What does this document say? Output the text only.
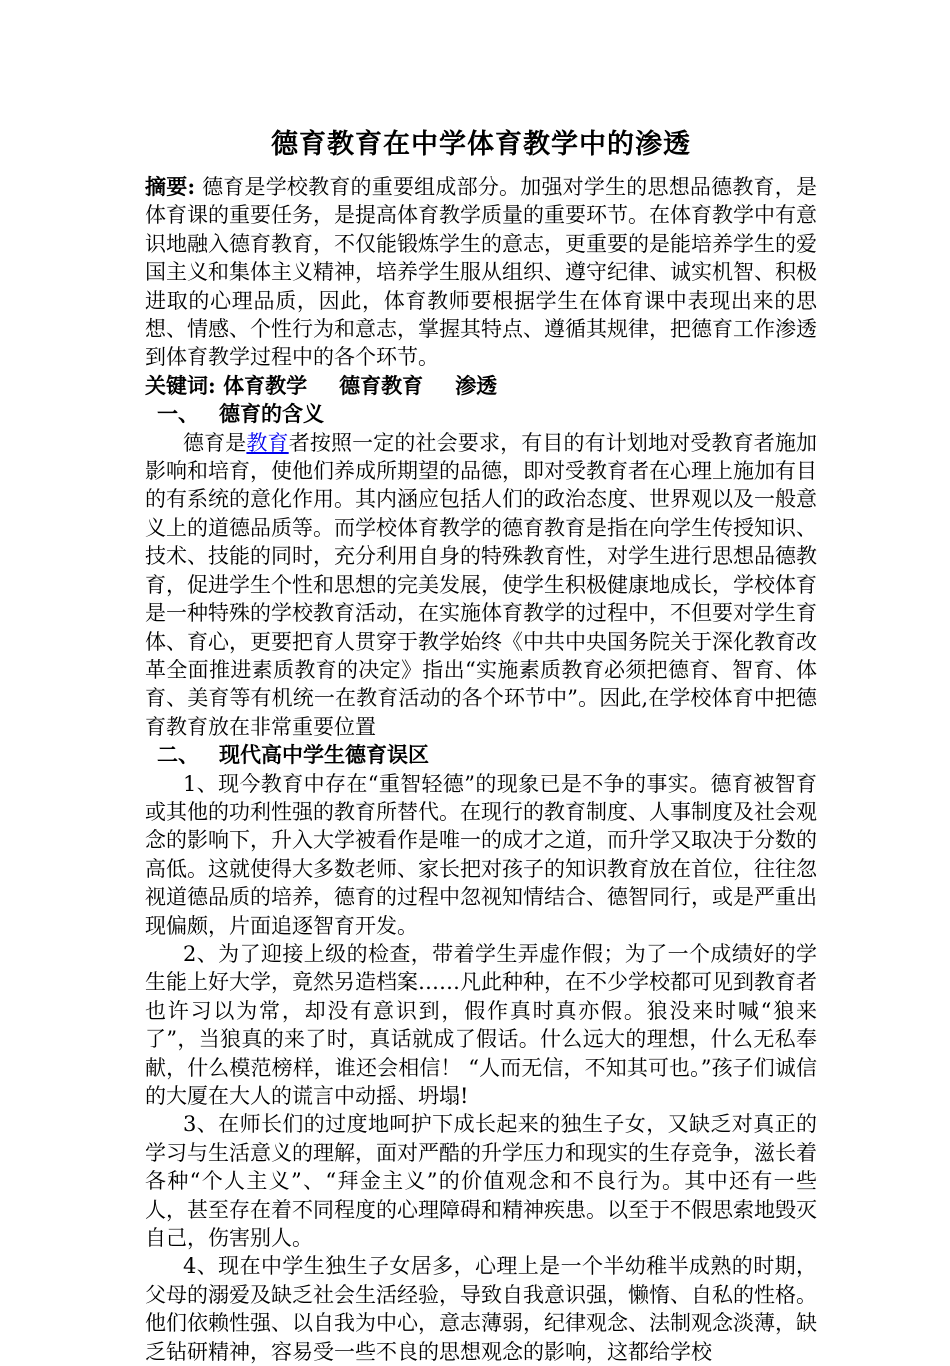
德育教育在中学体育教学中的渗透

摘要: 德育是学校教育的重要组成部分。加强对学生的思想品德教育，是体育课的重要任务，是提高体育教学质量的重要环节。在体育教学中有意识地融入德育教育，不仅能锻炼学生的意志，更重要的是能培养学生的爱国主义和集体主义精神，培养学生服从组织、遵守纪律、诚实机智、积极进取的心理品质，因此，体育教师要根据学生在体育课中表现出来的思想、情感、个性行为和意志，掌握其特点、遵循其规律，把德育工作渗透到体育教学过程中的各个环节。

关键词: 体育教学 德育教育 渗透

一、 德育的含义

德育是教育者按照一定的社会要求，有目的有计划地对受教育者施加影响和培育，使他们养成所期望的品德，即对受教育者在心理上施加有目的有系统的意化作用。其内涵应包括人们的政治态度、世界观以及一般意义上的道德品质等。而学校体育教学的德育教育是指在向学生传授知识、技术、技能的同时，充分利用自身的特殊教育性，对学生进行思想品德教育，促进学生个性和思想的完美发展，使学生积极健康地成长，学校体育是一种特殊的学校教育活动，在实施体育教学的过程中，不但要对学生育体、育心，更要把育人贯穿于教学始终《中共中央国务院关于深化教育改革全面推进素质教育的决定》指出“实施素质教育必须把德育、智育、体育、美育等有机统一在教育活动的各个环节中”。因此,在学校体育中把德育教育放在非常重要位置

二、 现代高中学生德育误区

1、现今教育中存在“重智轻德”的现象已是不争的事实。德育被智育或其他的功利性强的教育所替代。在现行的教育制度、人事制度及社会观念的影响下，升入大学被看作是唯一的成才之道，而升学又取决于分数的高低。这就使得大多数老师、家长把对孩子的知识教育放在首位，往往忽视道德品质的培养，德育的过程中忽视知情结合、德智同行，或是严重出现偏颇，片面追逐智育开发。

2、为了迎接上级的检查，带着学生弄虚作假；为了一个成绩好的学生能上好大学，竟然另造档案……凡此种种，在不少学校都可见到教育者也许习以为常，却没有意识到，假作真时真亦假。狼没来时喊“狼来了”，当狼真的来了时，真话就成了假话。什么远大的理想，什么无私奉献，什么模范榜样，谁还会相信！ “人而无信，不知其可也。”孩子们诚信的大厦在大人的谎言中动摇、坍塌!

3、在师长们的过度地呵护下成长起来的独生子女，又缺乏对真正的学习与生活意义的理解，面对严酷的升学压力和现实的生存竞争，滋长着各种“个人主义”、“拜金主义”的价值观念和不良行为。其中还有一些人，甚至存在着不同程度的心理障碍和精神疾患。以至于不假思索地毁灭自己，伤害别人。

4、现在中学生独生子女居多，心理上是一个半幼稚半成熟的时期，父母的溺爱及缺乏社会生活经验，导致自我意识强，懒惰、自私的性格。他们依赖性强、以自我为中心，意志薄弱，纪律观念、法制观念淡薄，缺乏钻研精神，容易受一些不良的思想观念的影响，这都给学校
